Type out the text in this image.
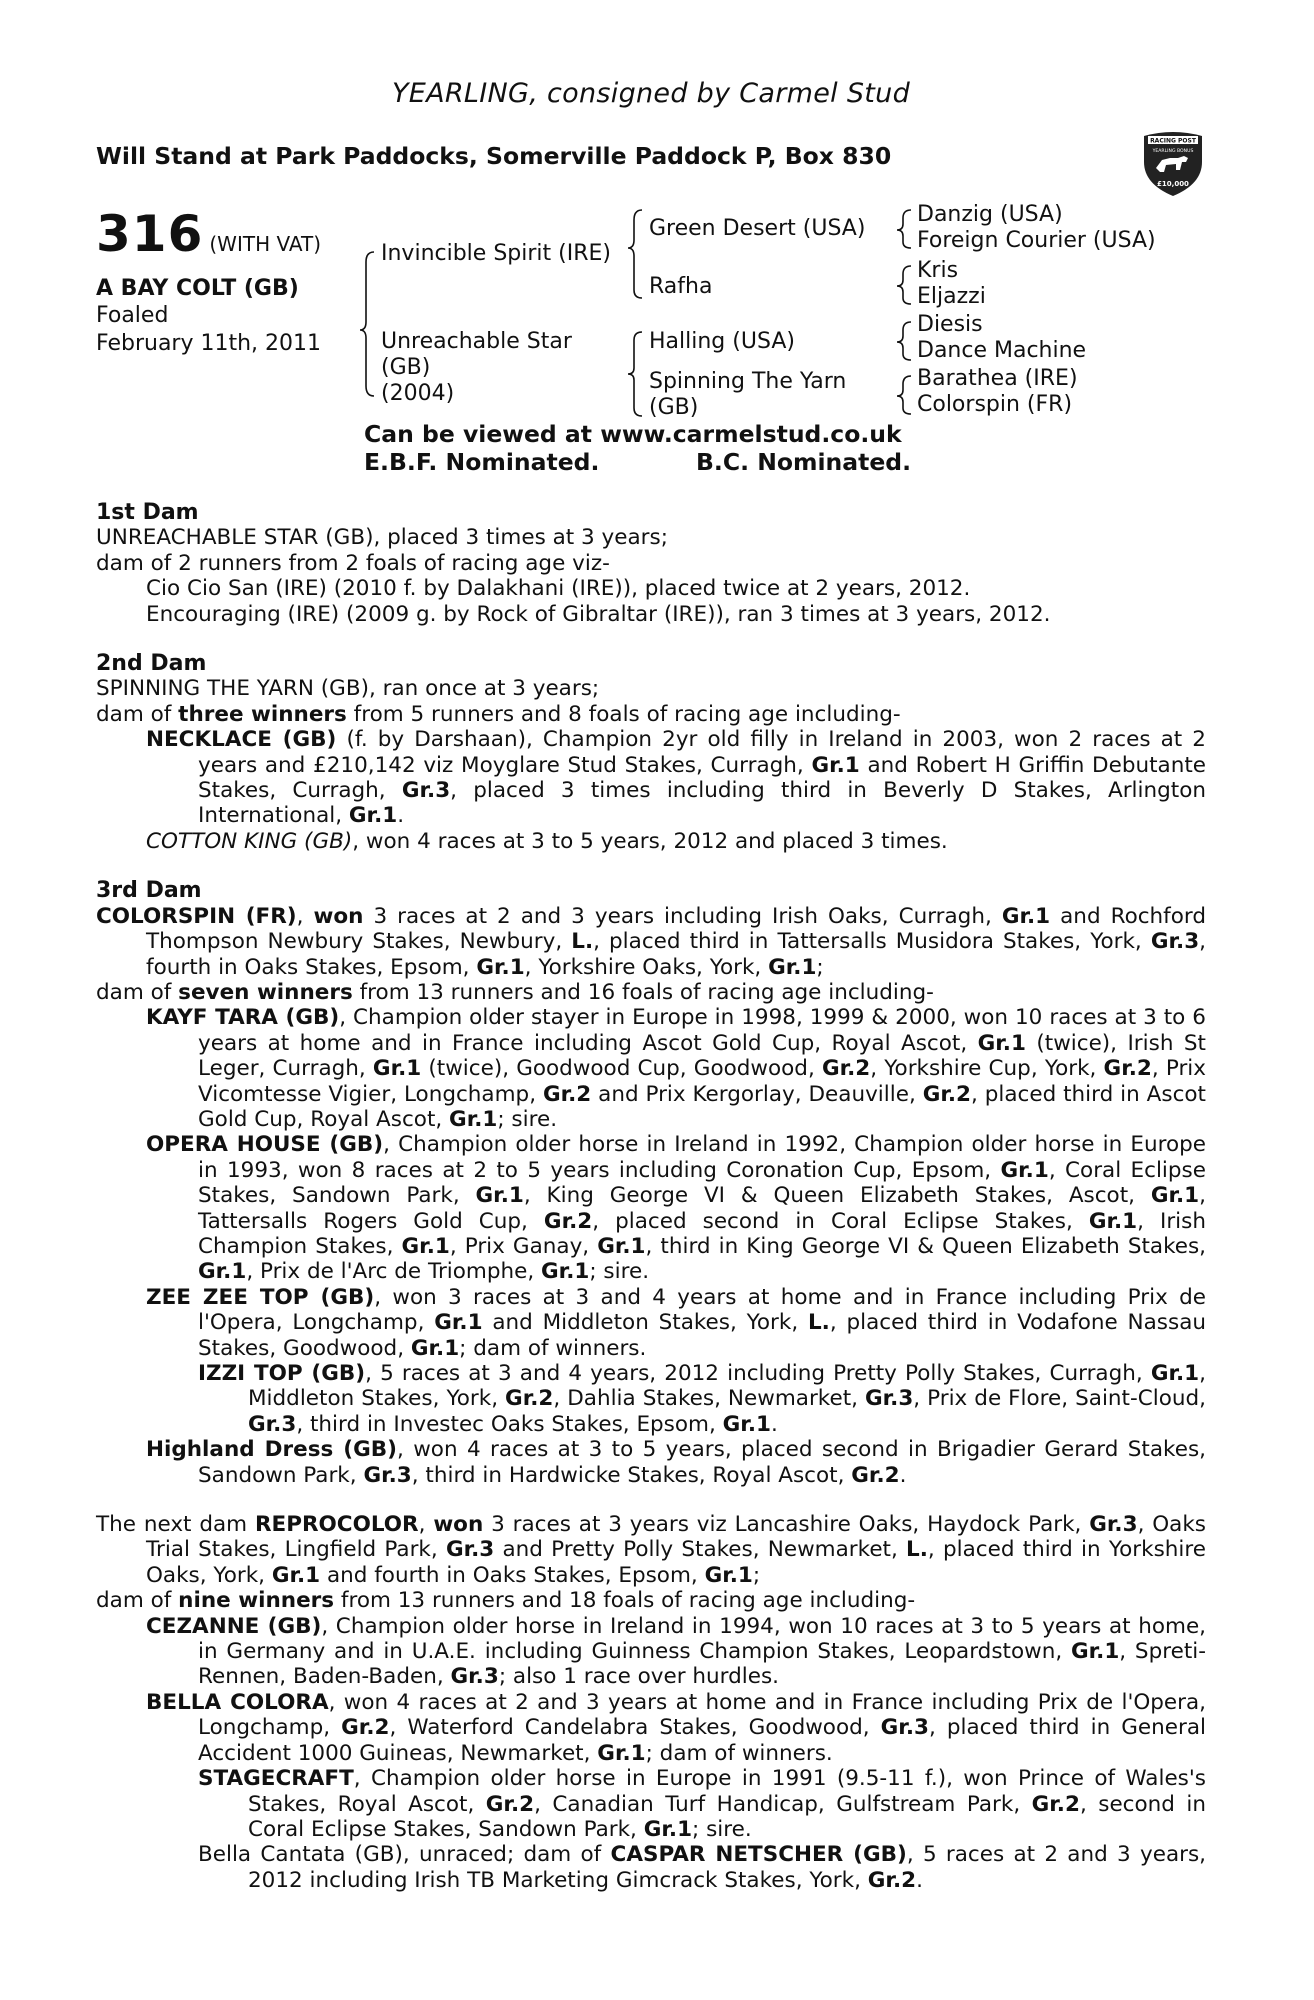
YEARLING, consigned by Carmel Stud
Will Stand at Park Paddocks, Somerville Paddock P, Box 830
RACING POST
YEARLING BONUS
£10,000
316 (WITH VAT)
A BAY COLT (GB)
Foaled
February 11th, 2011
Invincible Spirit (IRE)
Unreachable Star
(GB)
(2004)
Green Desert (USA)
Rafha
Halling (USA)
Spinning The Yarn
(GB)
Danzig (USA)
Foreign Courier (USA)
Kris
Eljazzi
Diesis
Dance Machine
Barathea (IRE)
Colorspin (FR)
Can be viewed at www.carmelstud.co.uk
E.B.F. Nominated.	B.C. Nominated.
1st Dam
UNREACHABLE STAR (GB), placed 3 times at 3 years;
dam of 2 runners from 2 foals of racing age viz-
Cio Cio San (IRE) (2010 f. by Dalakhani (IRE)), placed twice at 2 years, 2012.
Encouraging (IRE) (2009 g. by Rock of Gibraltar (IRE)), ran 3 times at 3 years, 2012.
2nd Dam
SPINNING THE YARN (GB), ran once at 3 years;
dam of three winners from 5 runners and 8 foals of racing age including-
NECKLACE (GB) (f. by Darshaan), Champion 2yr old filly in Ireland in 2003, won 2 races at 2 years and £210,142 viz Moyglare Stud Stakes, Curragh, Gr.1 and Robert H Griffin Debutante Stakes, Curragh, Gr.3, placed 3 times including third in Beverly D Stakes, Arlington International, Gr.1.
COTTON KING (GB), won 4 races at 3 to 5 years, 2012 and placed 3 times.
3rd Dam
COLORSPIN (FR), won 3 races at 2 and 3 years including Irish Oaks, Curragh, Gr.1 and Rochford Thompson Newbury Stakes, Newbury, L., placed third in Tattersalls Musidora Stakes, York, Gr.3, fourth in Oaks Stakes, Epsom, Gr.1, Yorkshire Oaks, York, Gr.1;
dam of seven winners from 13 runners and 16 foals of racing age including-
KAYF TARA (GB), Champion older stayer in Europe in 1998, 1999 & 2000, won 10 races at 3 to 6 years at home and in France including Ascot Gold Cup, Royal Ascot, Gr.1 (twice), Irish St Leger, Curragh, Gr.1 (twice), Goodwood Cup, Goodwood, Gr.2, Yorkshire Cup, York, Gr.2, Prix Vicomtesse Vigier, Longchamp, Gr.2 and Prix Kergorlay, Deauville, Gr.2, placed third in Ascot Gold Cup, Royal Ascot, Gr.1; sire.
OPERA HOUSE (GB), Champion older horse in Ireland in 1992, Champion older horse in Europe in 1993, won 8 races at 2 to 5 years including Coronation Cup, Epsom, Gr.1, Coral Eclipse Stakes, Sandown Park, Gr.1, King George VI & Queen Elizabeth Stakes, Ascot, Gr.1, Tattersalls Rogers Gold Cup, Gr.2, placed second in Coral Eclipse Stakes, Gr.1, Irish Champion Stakes, Gr.1, Prix Ganay, Gr.1, third in King George VI & Queen Elizabeth Stakes, Gr.1, Prix de l'Arc de Triomphe, Gr.1; sire.
ZEE ZEE TOP (GB), won 3 races at 3 and 4 years at home and in France including Prix de l'Opera, Longchamp, Gr.1 and Middleton Stakes, York, L., placed third in Vodafone Nassau Stakes, Goodwood, Gr.1; dam of winners.
IZZI TOP (GB), 5 races at 3 and 4 years, 2012 including Pretty Polly Stakes, Curragh, Gr.1, Middleton Stakes, York, Gr.2, Dahlia Stakes, Newmarket, Gr.3, Prix de Flore, Saint-Cloud, Gr.3, third in Investec Oaks Stakes, Epsom, Gr.1.
Highland Dress (GB), won 4 races at 3 to 5 years, placed second in Brigadier Gerard Stakes, Sandown Park, Gr.3, third in Hardwicke Stakes, Royal Ascot, Gr.2.
The next dam REPROCOLOR, won 3 races at 3 years viz Lancashire Oaks, Haydock Park, Gr.3, Oaks Trial Stakes, Lingfield Park, Gr.3 and Pretty Polly Stakes, Newmarket, L., placed third in Yorkshire Oaks, York, Gr.1 and fourth in Oaks Stakes, Epsom, Gr.1;
dam of nine winners from 13 runners and 18 foals of racing age including-
CEZANNE (GB), Champion older horse in Ireland in 1994, won 10 races at 3 to 5 years at home, in Germany and in U.A.E. including Guinness Champion Stakes, Leopardstown, Gr.1, Spreti-Rennen, Baden-Baden, Gr.3; also 1 race over hurdles.
BELLA COLORA, won 4 races at 2 and 3 years at home and in France including Prix de l'Opera, Longchamp, Gr.2, Waterford Candelabra Stakes, Goodwood, Gr.3, placed third in General Accident 1000 Guineas, Newmarket, Gr.1; dam of winners.
STAGECRAFT, Champion older horse in Europe in 1991 (9.5-11 f.), won Prince of Wales's Stakes, Royal Ascot, Gr.2, Canadian Turf Handicap, Gulfstream Park, Gr.2, second in Coral Eclipse Stakes, Sandown Park, Gr.1; sire.
Bella Cantata (GB), unraced; dam of CASPAR NETSCHER (GB), 5 races at 2 and 3 years, 2012 including Irish TB Marketing Gimcrack Stakes, York, Gr.2.
